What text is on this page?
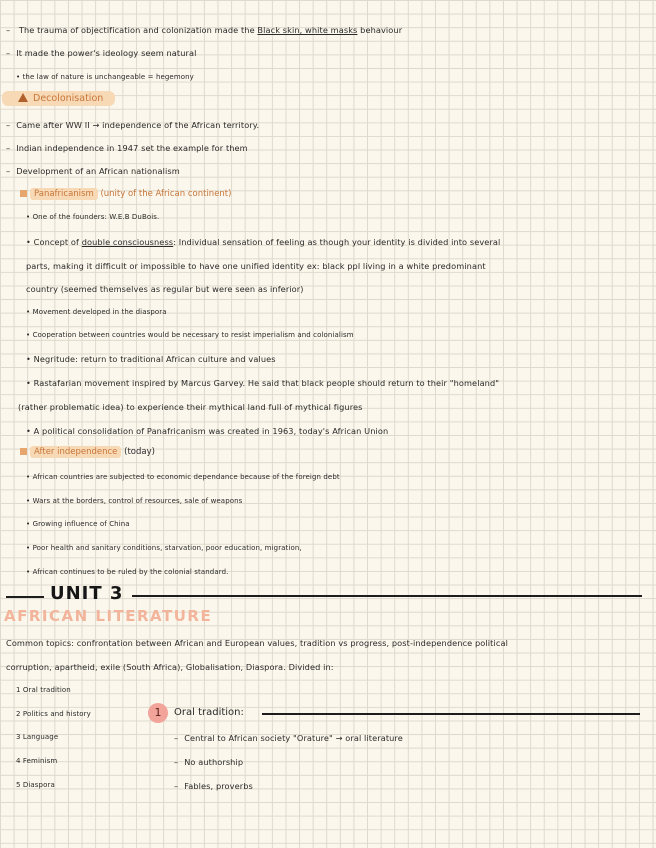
– The trauma of objectification and colonization made the Black skin, white masks behaviour
– It made the power's ideology seem natural
• the law of nature is unchangeable = hegemony
Decolonisation
– Came after WW II → independence of the African territory.
– Indian independence in 1947 set the example for them
– Development of an African nationalism
Panafricanism (unity of the African continent)
• One of the founders: W.E.B DuBois.
• Concept of double consciousness: Individual sensation of feeling as though your identity is divided into several
parts, making it difficult or impossible to have one unified identity ex: black ppl living in a white predominant
country (seemed themselves as regular but were seen as inferior)
• Movement developed in the diaspora
• Cooperation between countries would be necessary to resist imperialism and colonialism
• Negritude: return to traditional African culture and values
• Rastafarian movement inspired by Marcus Garvey. He said that black people should return to their "homeland"
(rather problematic idea) to experience their mythical land full of mythical figures
• A political consolidation of Panafricanism was created in 1963, today's African Union
After independence (today)
• African countries are subjected to economic dependance because of the foreign debt
• Wars at the borders, control of resources, sale of weapons
• Growing influence of China
• Poor health and sanitary conditions, starvation, poor education, migration,
• African continues to be ruled by the colonial standard.
UNIT 3
AFRICAN LITERATURE
Common topics: confrontation between African and European values, tradition vs progress, post-independence political
corruption, apartheid, exile (South Africa), Globalisation, Diaspora. Divided in:
1 Oral tradition
2 Politics and history
3 Language
4 Feminism
5 Diaspora
1	Oral tradition:
– Central to African society "Orature" → oral literature
– No authorship
– Fables, proverbs
